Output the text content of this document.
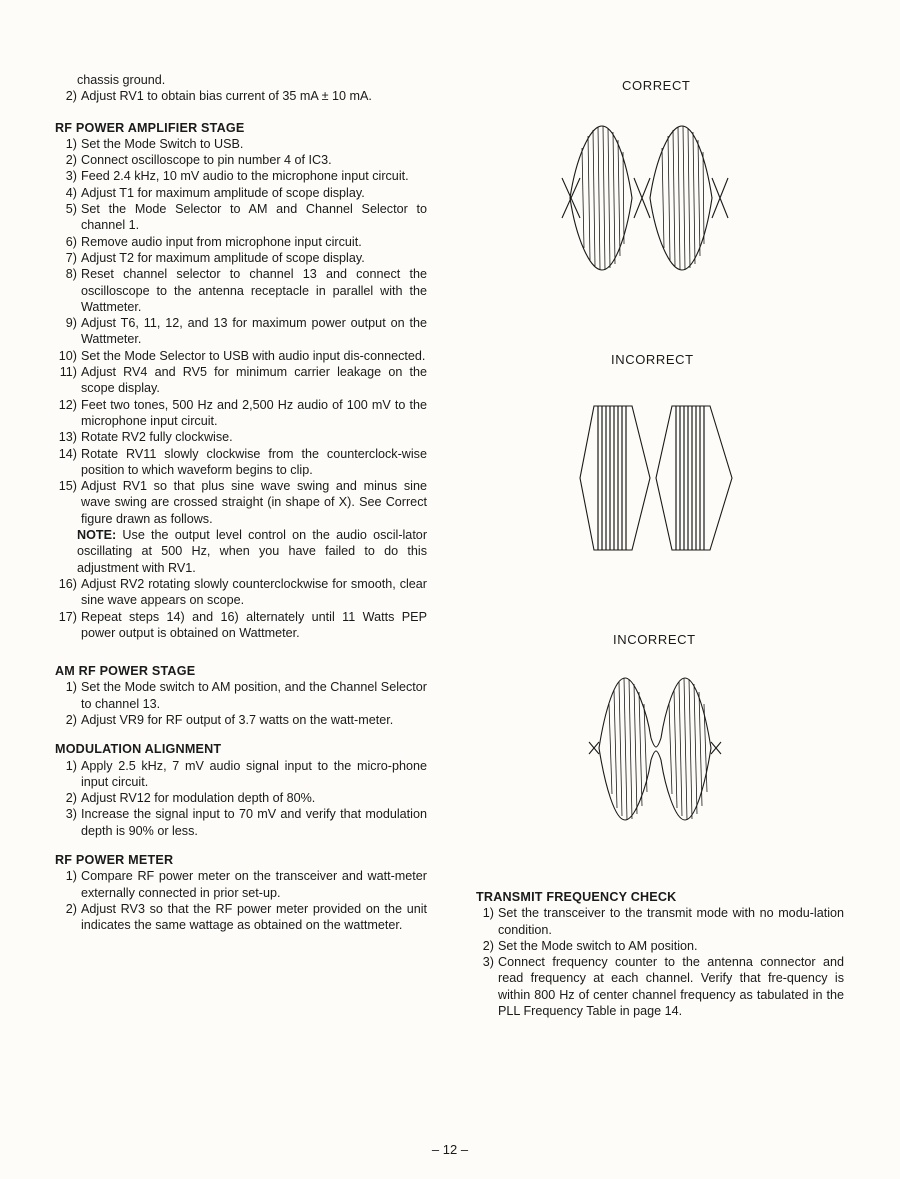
chassis ground.
2) Adjust RV1 to obtain bias current of 35 mA ± 10 mA.
RF POWER AMPLIFIER STAGE
1) Set the Mode Switch to USB.
2) Connect oscilloscope to pin number 4 of IC3.
3) Feed 2.4 kHz, 10 mV audio to the microphone input circuit.
4) Adjust T1 for maximum amplitude of scope display.
5) Set the Mode Selector to AM and Channel Selector to channel 1.
6) Remove audio input from microphone input circuit.
7) Adjust T2 for maximum amplitude of scope display.
8) Reset channel selector to channel 13 and connect the oscilloscope to the antenna receptacle in parallel with the Wattmeter.
9) Adjust T6, 11, 12, and 13 for maximum power output on the Wattmeter.
10) Set the Mode Selector to USB with audio input dis-connected.
11) Adjust RV4 and RV5 for minimum carrier leakage on the scope display.
12) Feet two tones, 500 Hz and 2,500 Hz audio of 100 mV to the microphone input circuit.
13) Rotate RV2 fully clockwise.
14) Rotate RV11 slowly clockwise from the counterclock-wise position to which waveform begins to clip.
15) Adjust RV1 so that plus sine wave swing and minus sine wave swing are crossed straight (in shape of X). See Correct figure drawn as follows.
NOTE: Use the output level control on the audio oscil-lator oscillating at 500 Hz, when you have failed to do this adjustment with RV1.
16) Adjust RV2 rotating slowly counterclockwise for smooth, clear sine wave appears on scope.
17) Repeat steps 14) and 16) alternately until 11 Watts PEP power output is obtained on Wattmeter.
AM RF POWER STAGE
1) Set the Mode switch to AM position, and the Channel Selector to channel 13.
2) Adjust VR9 for RF output of 3.7 watts on the watt-meter.
MODULATION ALIGNMENT
1) Apply 2.5 kHz, 7 mV audio signal input to the micro-phone input circuit.
2) Adjust RV12 for modulation depth of 80%.
3) Increase the signal input to 70 mV and verify that modulation depth is 90% or less.
RF POWER METER
1) Compare RF power meter on the transceiver and watt-meter externally connected in prior set-up.
2) Adjust RV3 so that the RF power meter provided on the unit indicates the same wattage as obtained on the wattmeter.
CORRECT
INCORRECT
INCORRECT
TRANSMIT FREQUENCY CHECK
1) Set the transceiver to the transmit mode with no modu-lation condition.
2) Set the Mode switch to AM position.
3) Connect frequency counter to the antenna connector and read frequency at each channel. Verify that fre-quency is within 800 Hz of center channel frequency as tabulated in the PLL Frequency Table in page 14.
– 12 –
